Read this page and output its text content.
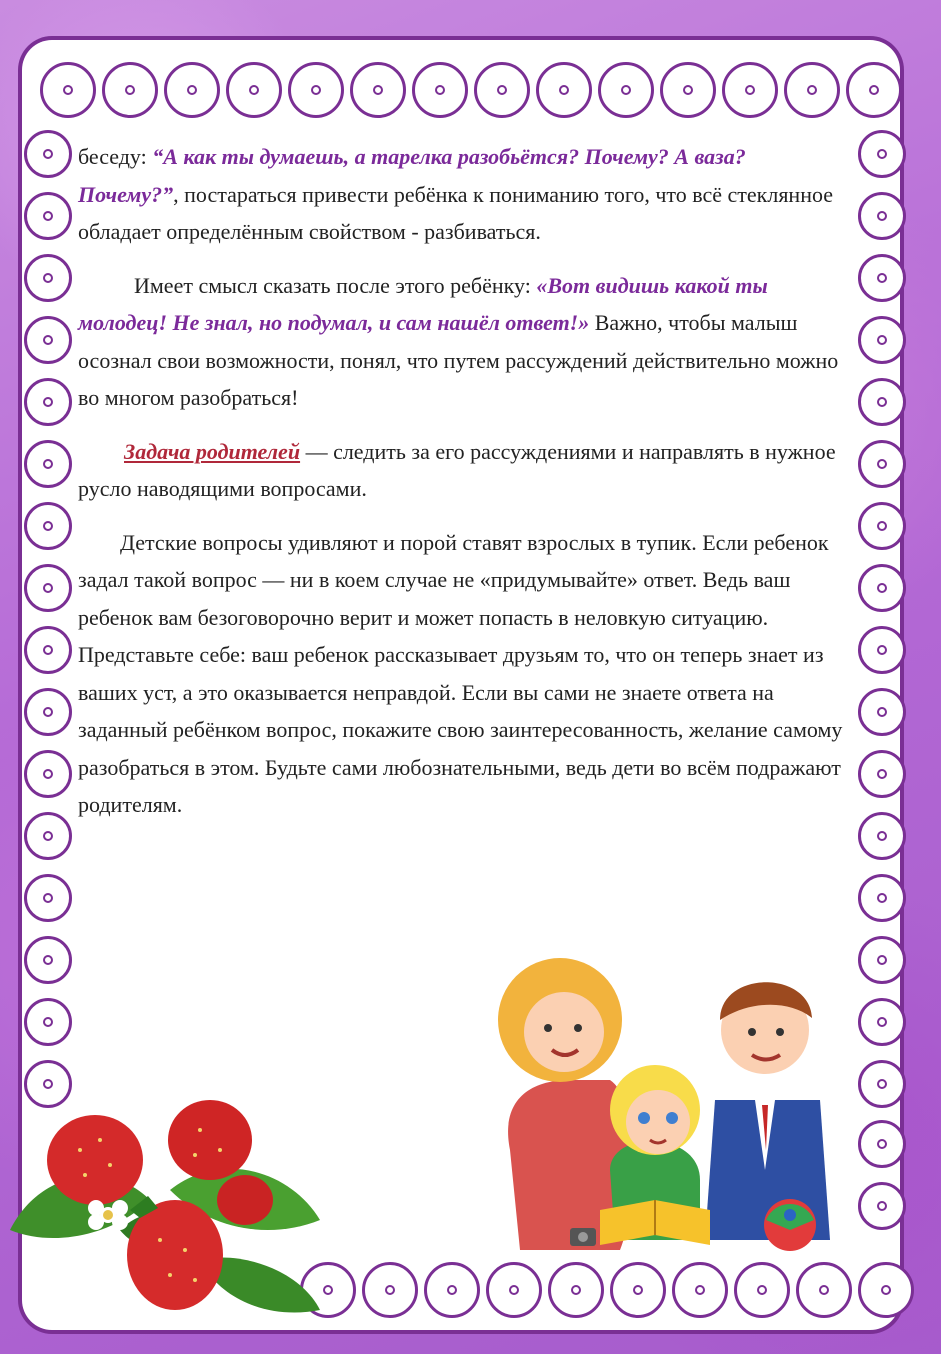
беседу: “А как ты думаешь, а тарелка разобьётся? Почему? А ваза? Почему?”, постараться привести ребёнка к пониманию того, что всё стеклянное обладает определённым свойством - разбиваться.

Имеет смысл сказать после этого ребёнку: «Вот видишь какой ты молодец! Не знал, но подумал, и сам нашёл ответ!» Важно, чтобы малыш осознал свои возможности, понял, что путем рассуждений действительно можно во многом разобраться!

Задача родителей — следить за его рассуждениями и направлять в нужное русло наводящими вопросами.

Детские вопросы удивляют и порой ставят взрослых в тупик. Если ребенок задал такой вопрос — ни в коем случае не «придумывайте» ответ. Ведь ваш ребенок вам безоговорочно верит и может попасть в неловкую ситуацию. Представьте себе: ваш ребенок рассказывает друзьям то, что он теперь знает из ваших уст, а это оказывается неправдой. Если вы сами не знаете ответа на заданный ребёнком вопрос, покажите свою заинтересованность, желание самому разобраться в этом. Будьте сами любознательными, ведь дети во всём подражают родителям.
